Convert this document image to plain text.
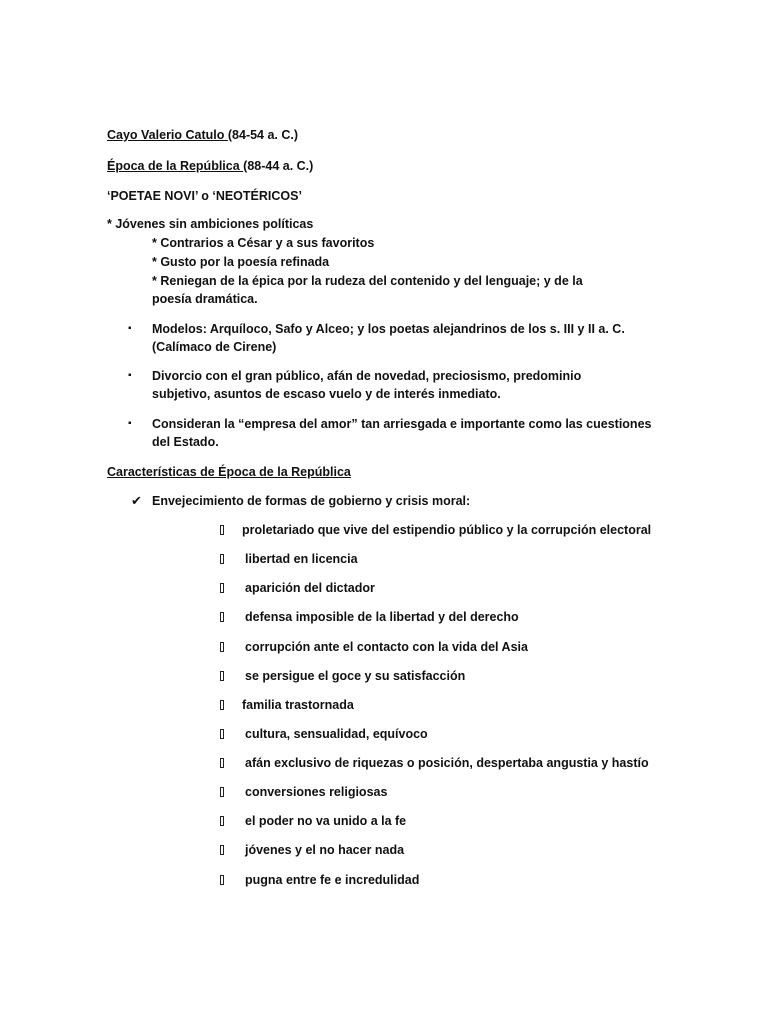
Cayo Valerio Catulo (84-54 a. C.)
Época de la República (88-44 a. C.)
‘POETAE NOVI’ o ‘NEOTÉRICOS’
* Jóvenes sin ambiciones políticas
* Contrarios a César y a sus favoritos
* Gusto por la poesía refinada
* Reniegan de la épica por la rudeza del contenido y del lenguaje; y de la poesía dramática.
▪ Modelos: Arquíloco, Safo y Alceo; y los poetas alejandrinos de los s. III y II a. C. (Calímaco de Cirene)
▪ Divorcio con el gran público, afán de novedad, preciosismo, predominio subjetivo, asuntos de escaso vuelo y de interés inmediato.
▪ Consideran la “empresa del amor” tan arriesgada e importante como las cuestiones del Estado.
Características de Época de la República
✔ Envejecimiento de formas de gobierno y crisis moral:
proletariado que vive del estipendio público y la corrupción electoral
libertad en licencia
aparición del dictador
defensa imposible de la libertad y del derecho
corrupción ante el contacto con la vida del Asia
se persigue el goce y su satisfacción
familia trastornada
cultura, sensualidad, equívoco
afán exclusivo de riquezas o posición, despertaba angustia y hastío
conversiones religiosas
el poder no va unido a la fe
jóvenes y el no hacer nada
pugna entre fe e incredulidad
